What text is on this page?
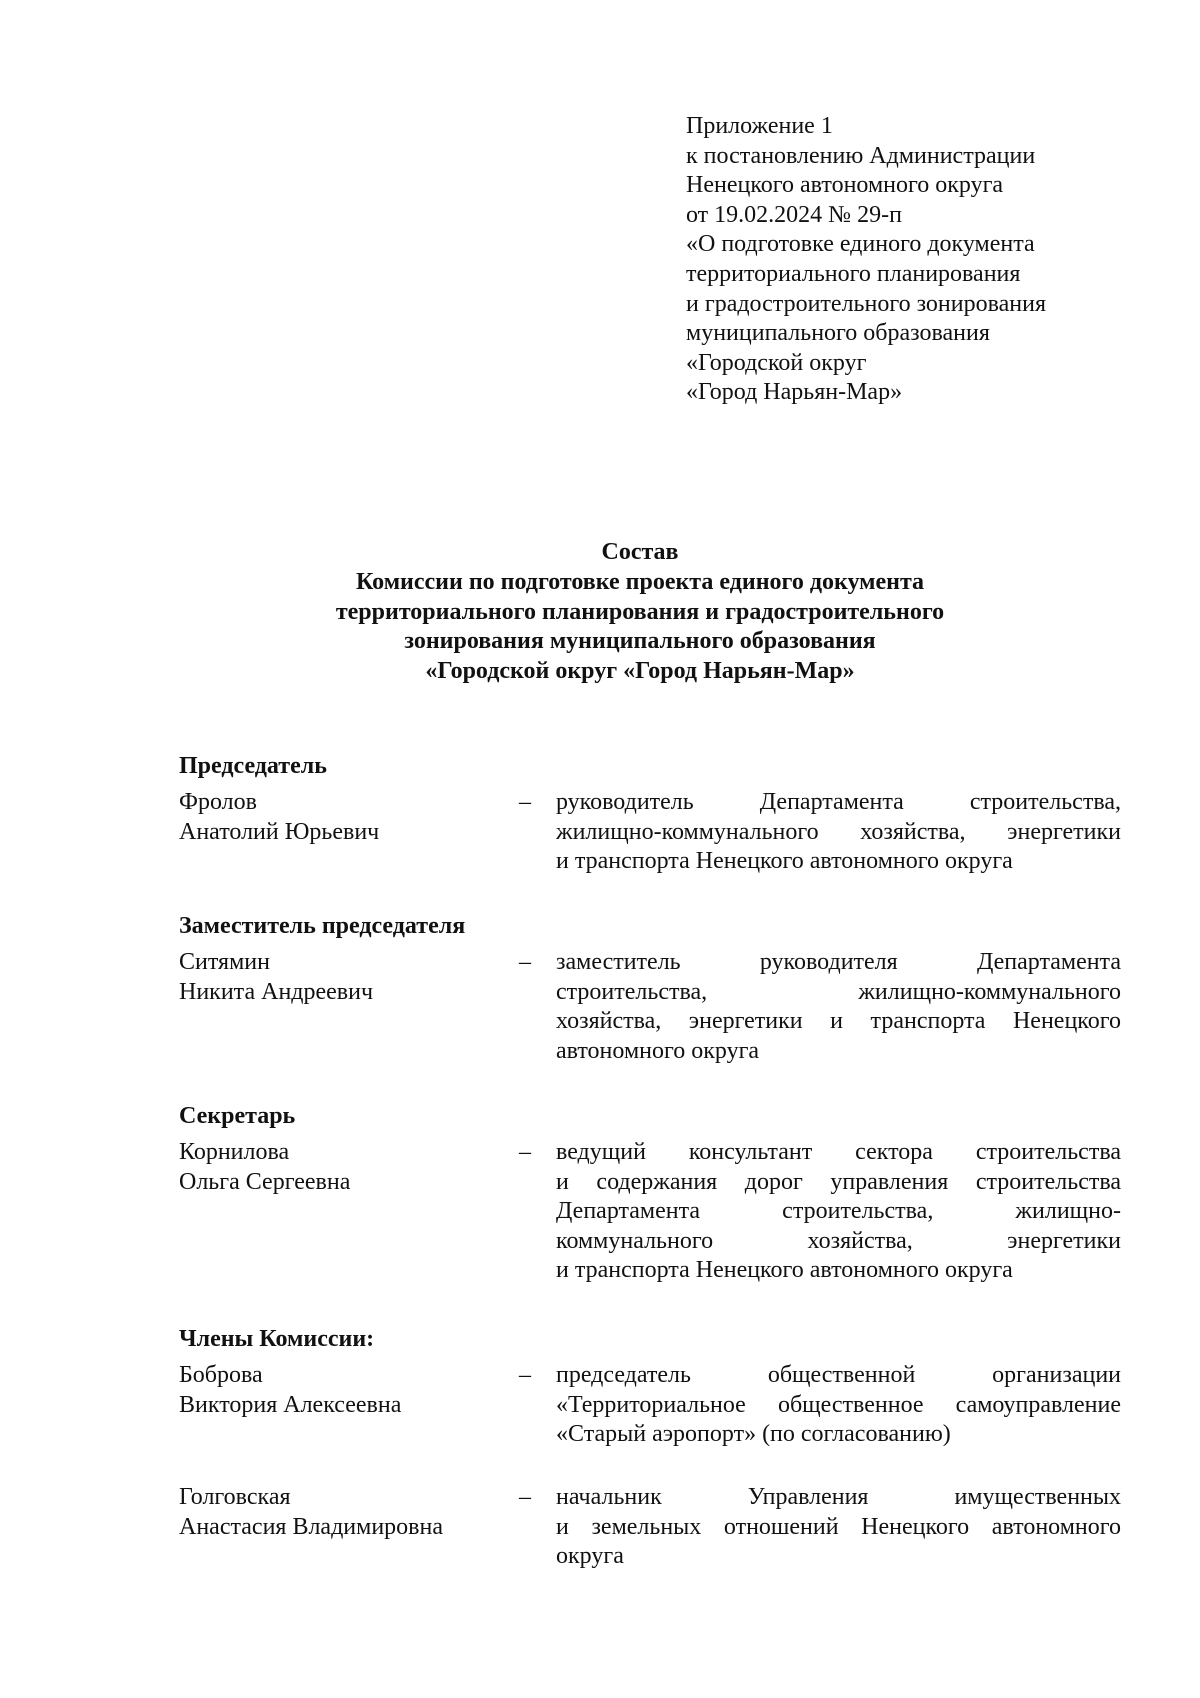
Приложение 1
к постановлению Администрации
Ненецкого автономного округа
от 19.02.2024 № 29-п
«О подготовке единого документа
территориального планирования
и градостроительного зонирования
муниципального образования
«Городской округ
«Город Нарьян-Мар»
Состав
Комиссии по подготовке проекта единого документа
территориального планирования и градостроительного
зонирования муниципального образования
«Городской округ «Город Нарьян-Мар»
Председатель
Фролов
Анатолий Юрьевич
–	руководитель Департамента строительства,
жилищно-коммунального хозяйства, энергетики
и транспорта Ненецкого автономного округа
Заместитель председателя
Ситямин
Никита Андреевич
–	заместитель руководителя Департамента
строительства, жилищно-коммунального
хозяйства, энергетики и транспорта Ненецкого
автономного округа
Секретарь
Корнилова
Ольга Сергеевна
–	ведущий консультант сектора строительства
и содержания дорог управления строительства
Департамента строительства, жилищно-
коммунального хозяйства, энергетики
и транспорта Ненецкого автономного округа
Члены Комиссии:
Боброва
Виктория Алексеевна
–	председатель общественной организации
«Территориальное общественное самоуправление
«Старый аэропорт» (по согласованию)
Голговская
Анастасия Владимировна
–	начальник Управления имущественных
и земельных отношений Ненецкого автономного
округа
